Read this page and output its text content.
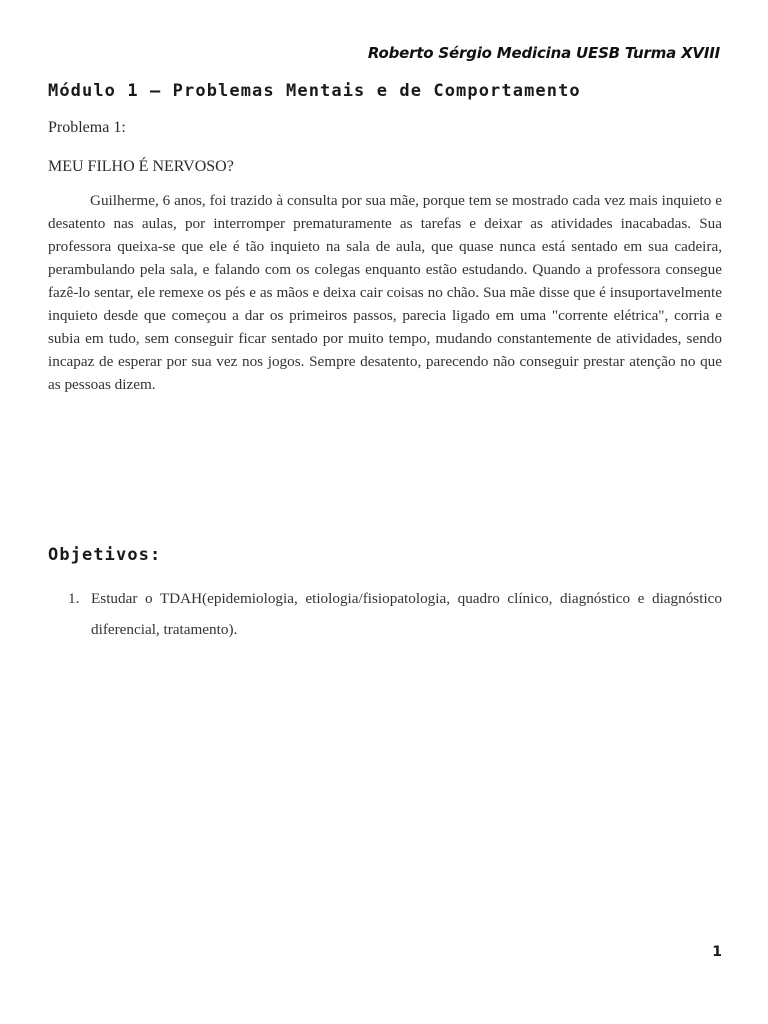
Roberto Sérgio Medicina UESB Turma XVIII
Módulo 1 – Problemas Mentais e de Comportamento
Problema 1:
MEU FILHO É NERVOSO?

Guilherme, 6 anos, foi trazido à consulta por sua mãe, porque tem se mostrado cada vez mais inquieto e desatento nas aulas, por interromper prematuramente as tarefas e deixar as atividades inacabadas. Sua professora queixa-se que ele é tão inquieto na sala de aula, que quase nunca está sentado em sua cadeira, perambulando pela sala, e falando com os colegas enquanto estão estudando. Quando a professora consegue fazê-lo sentar, ele remexe os pés e as mãos e deixa cair coisas no chão. Sua mãe disse que é insuportavelmente inquieto desde que começou a dar os primeiros passos, parecia ligado em uma "corrente elétrica", corria e subia em tudo, sem conseguir ficar sentado por muito tempo, mudando constantemente de atividades, sendo incapaz de esperar por sua vez nos jogos. Sempre desatento, parecendo não conseguir prestar atenção no que as pessoas dizem.

Objetivos:
1. Estudar o TDAH(epidemiologia, etiologia/fisiopatologia, quadro clínico, diagnóstico e diagnóstico diferencial, tratamento).
1
